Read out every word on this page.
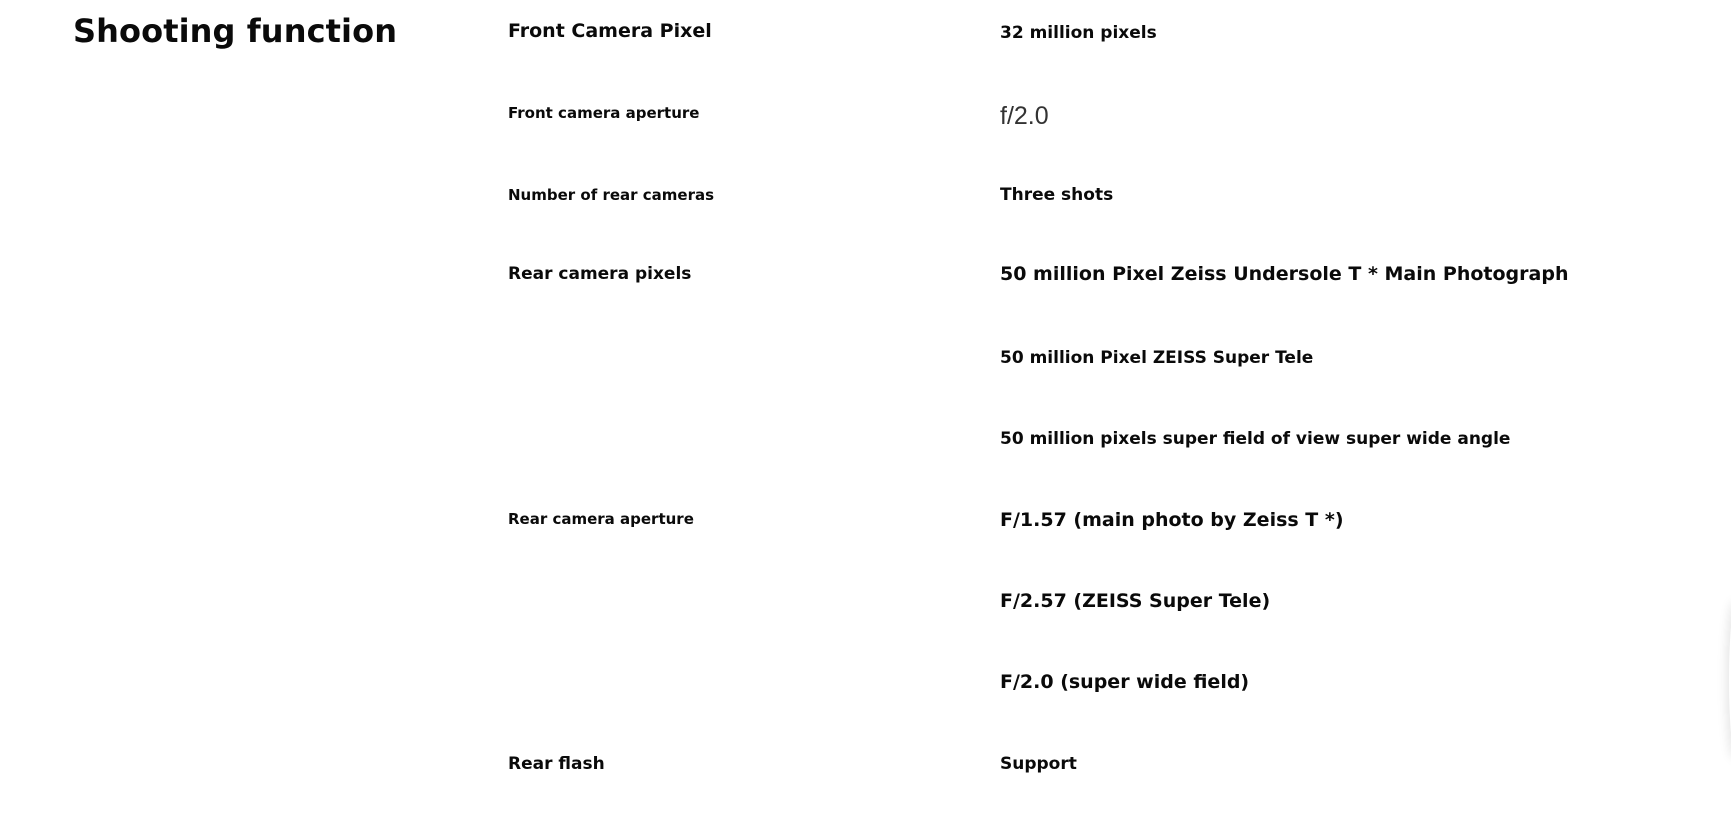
Shooting function	Front Camera Pixel
Front camera aperture
Number of rear cameras
Rear camera pixels
Rear camera aperture
Rear flash
32 million pixels
f/2.0
Three shots
50 million Pixel Zeiss Undersole T * Main Photograph
50 million Pixel ZEISS Super Tele
50 million pixels super field of view super wide angle
F/1.57 (main photo by Zeiss T *)
F/2.57 (ZEISS Super Tele)
F/2.0 (super wide field)
Support
